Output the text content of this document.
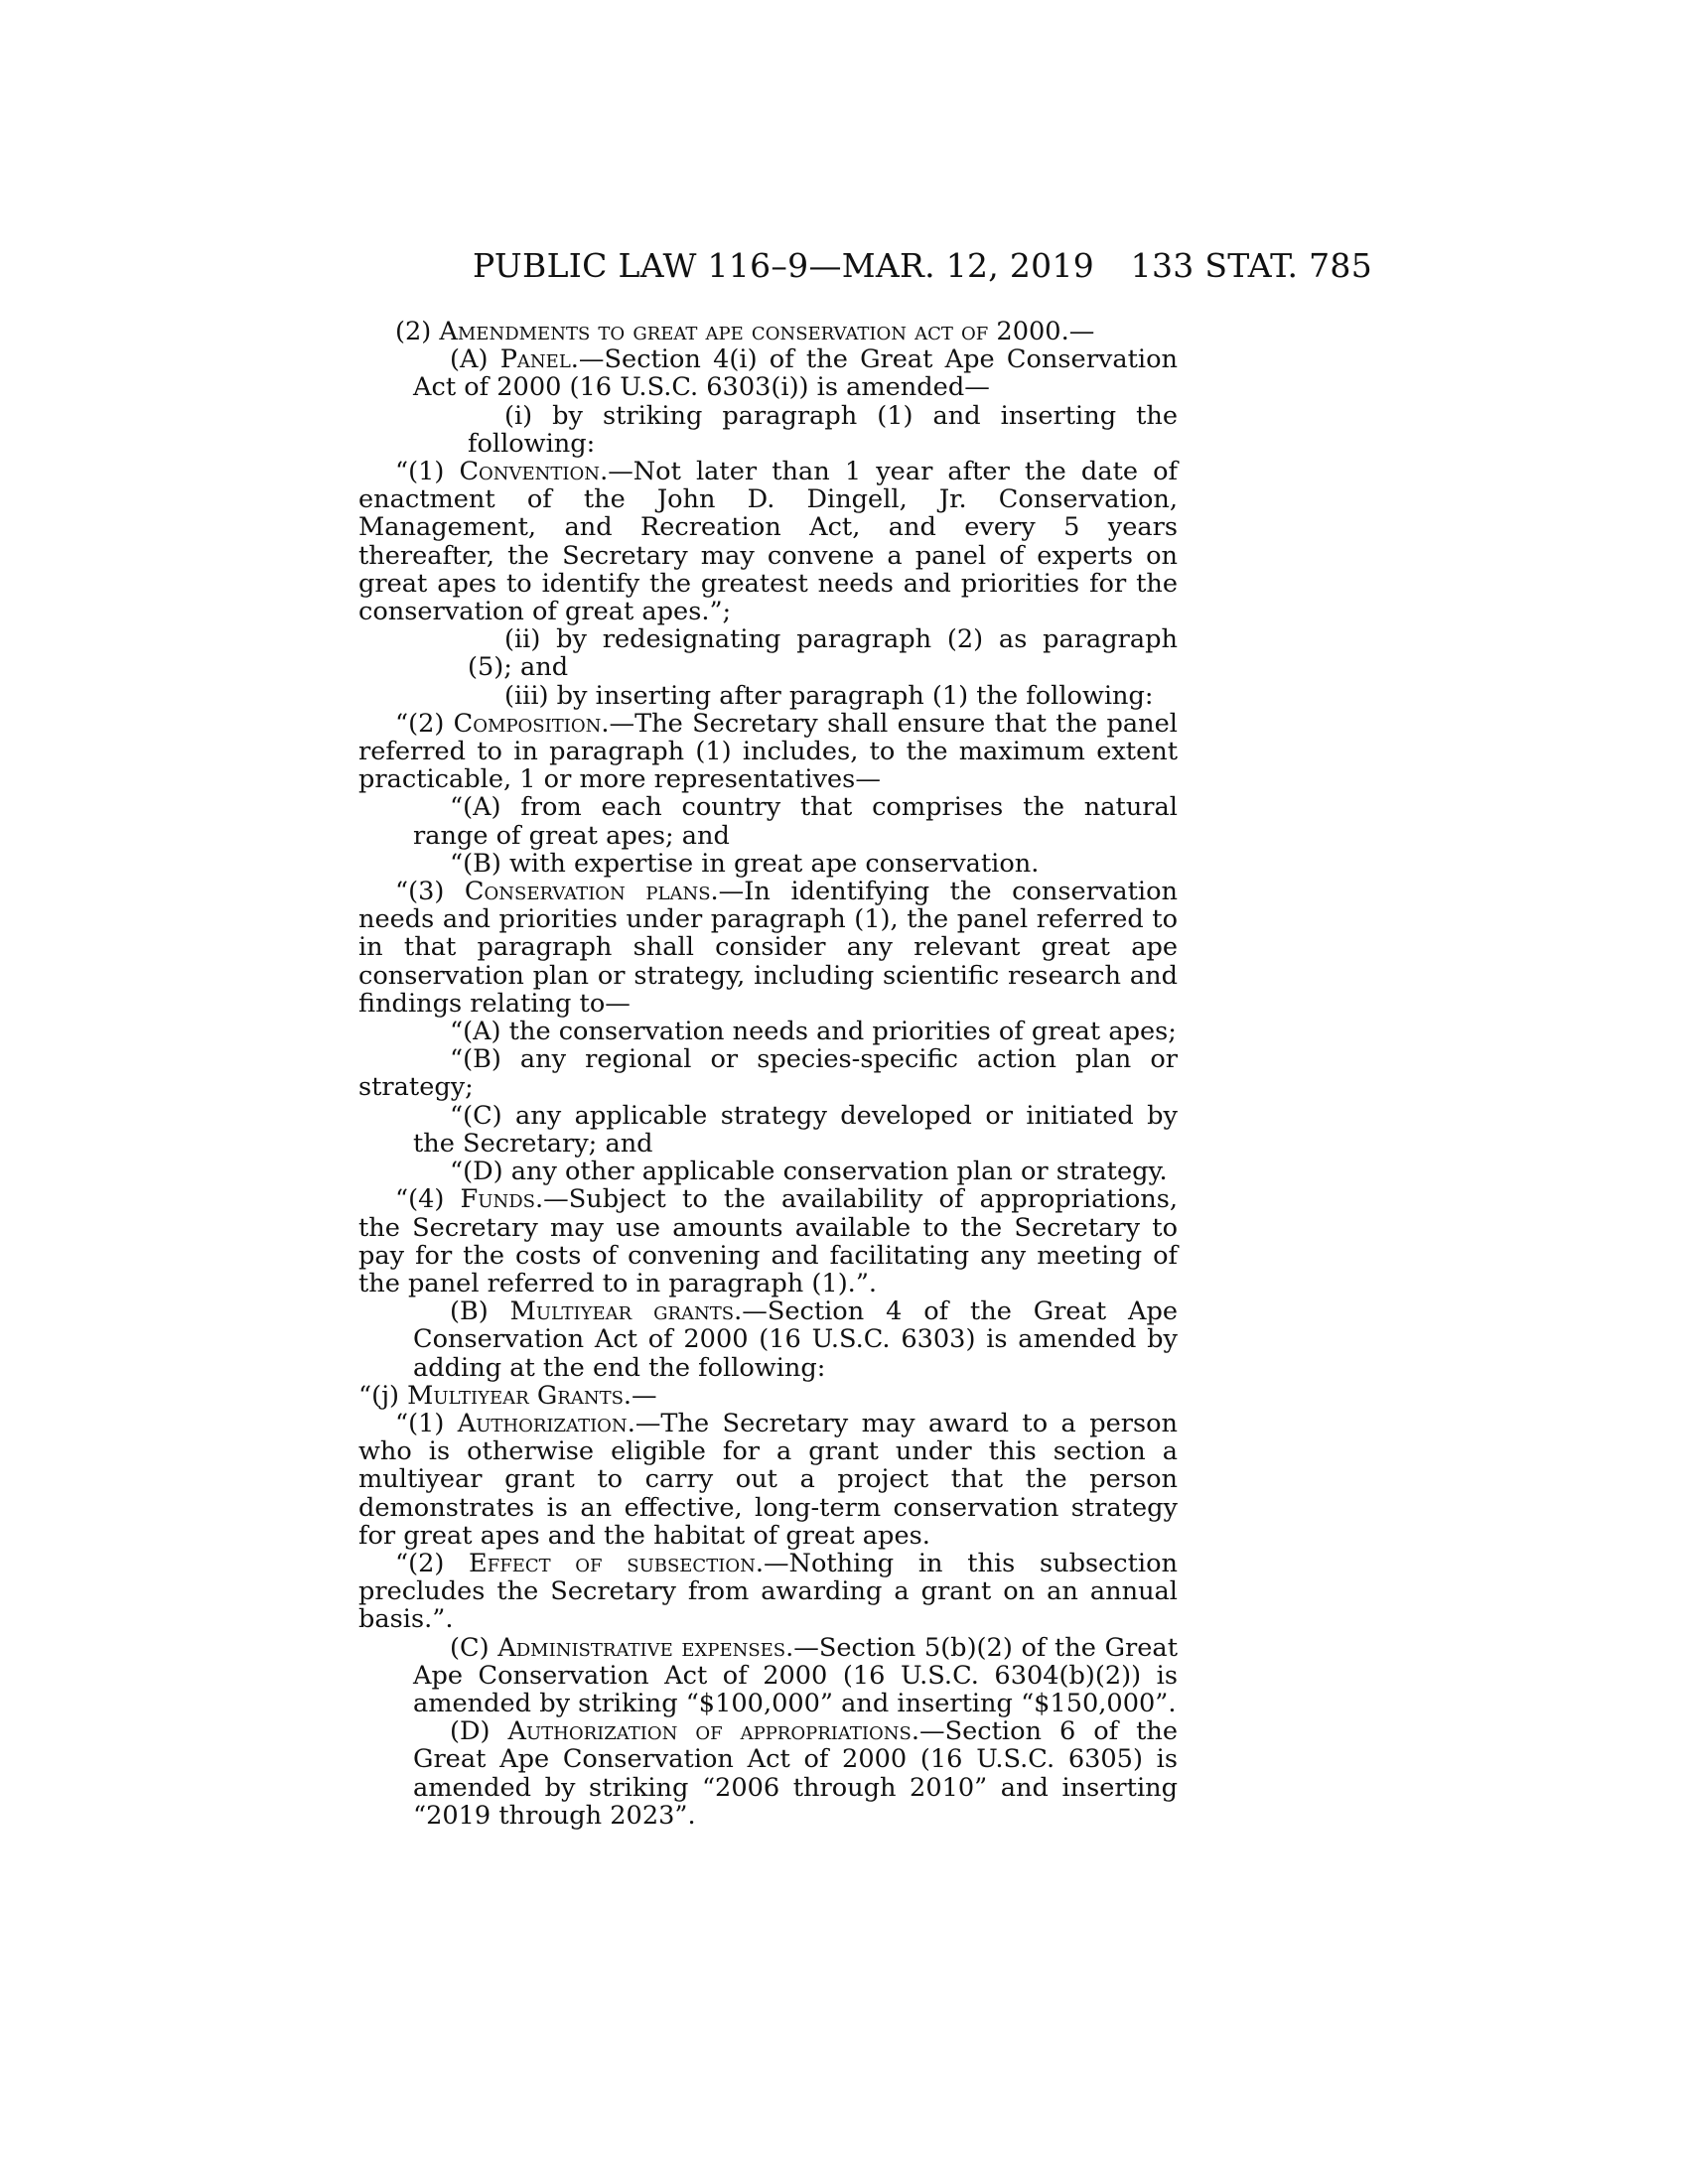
PUBLIC LAW 116–9—MAR. 12, 2019 133 STAT. 785

(2) Amendments to great ape conservation act of 2000.—

(A) Panel.—Section 4(i) of the Great Ape Conservation Act of 2000 (16 U.S.C. 6303(i)) is amended—

(i) by striking paragraph (1) and inserting the following:

“(1) Convention.—Not later than 1 year after the date of enactment of the John D. Dingell, Jr. Conservation, Management, and Recreation Act, and every 5 years thereafter, the Secretary may convene a panel of experts on great apes to identify the greatest needs and priorities for the conservation of great apes.”;

(ii) by redesignating paragraph (2) as paragraph (5); and

(iii) by inserting after paragraph (1) the following:

“(2) Composition.—The Secretary shall ensure that the panel referred to in paragraph (1) includes, to the maximum extent practicable, 1 or more representatives—

“(A) from each country that comprises the natural range of great apes; and

“(B) with expertise in great ape conservation.

“(3) Conservation plans.—In identifying the conservation needs and priorities under paragraph (1), the panel referred to in that paragraph shall consider any relevant great ape conservation plan or strategy, including scientific research and findings relating to—

“(A) the conservation needs and priorities of great apes;

“(B) any regional or species-specific action plan or strategy;

“(C) any applicable strategy developed or initiated by the Secretary; and

“(D) any other applicable conservation plan or strategy.

“(4) Funds.—Subject to the availability of appropriations, the Secretary may use amounts available to the Secretary to pay for the costs of convening and facilitating any meeting of the panel referred to in paragraph (1).”.

(B) Multiyear grants.—Section 4 of the Great Ape Conservation Act of 2000 (16 U.S.C. 6303) is amended by adding at the end the following:

“(j) Multiyear Grants.—

“(1) Authorization.—The Secretary may award to a person who is otherwise eligible for a grant under this section a multiyear grant to carry out a project that the person demonstrates is an effective, long-term conservation strategy for great apes and the habitat of great apes.

“(2) Effect of subsection.—Nothing in this subsection precludes the Secretary from awarding a grant on an annual basis.”.

(C) Administrative expenses.—Section 5(b)(2) of the Great Ape Conservation Act of 2000 (16 U.S.C. 6304(b)(2)) is amended by striking “$100,000” and inserting “$150,000”.

(D) Authorization of appropriations.—Section 6 of the Great Ape Conservation Act of 2000 (16 U.S.C. 6305) is amended by striking “2006 through 2010” and inserting “2019 through 2023”.
